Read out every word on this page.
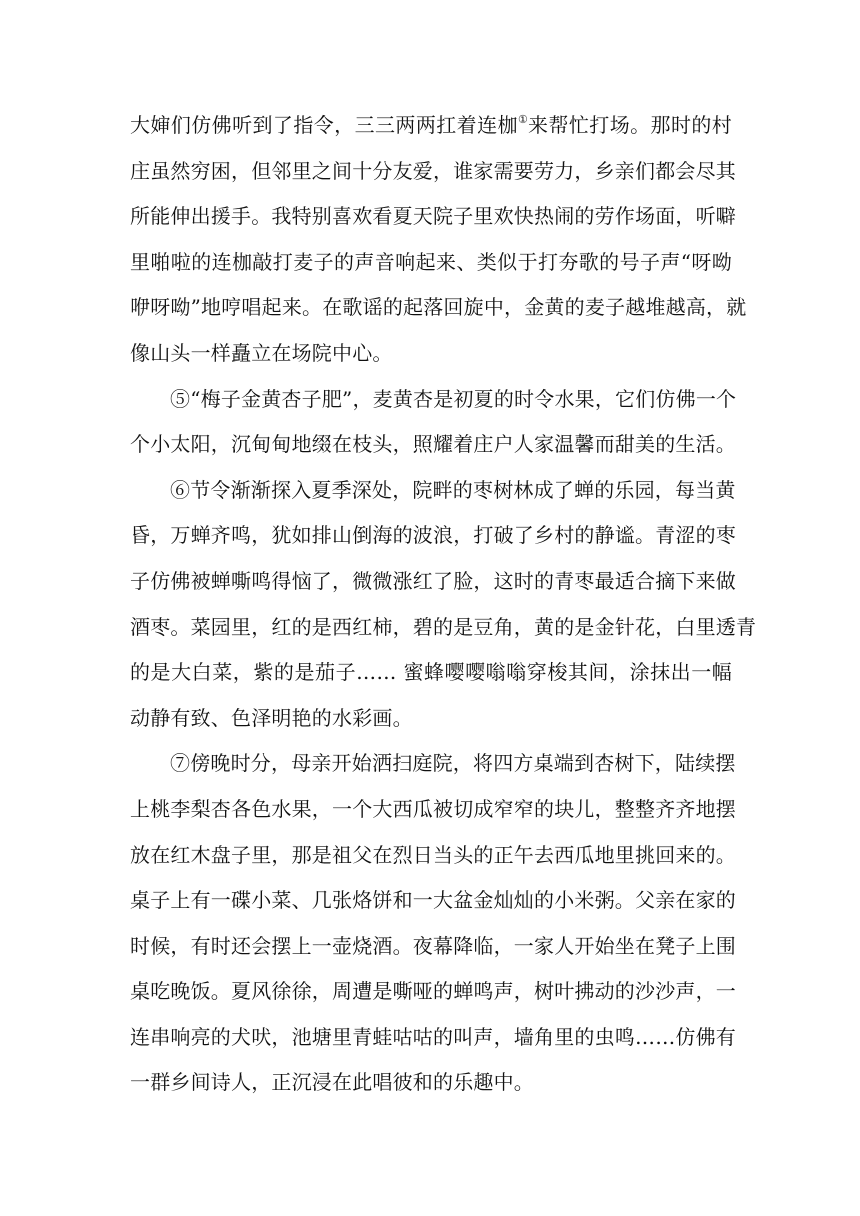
大婶们仿佛听到了指令，三三两两扛着连枷①来帮忙打场。那时的村
庄虽然穷困，但邻里之间十分友爱，谁家需要劳力，乡亲们都会尽其
所能伸出援手。我特别喜欢看夏天院子里欢快热闹的劳作场面，听噼
里啪啦的连枷敲打麦子的声音响起来、类似于打夯歌的号子声“呀呦
咿呀呦”地哼唱起来。在歌谣的起落回旋中，金黄的麦子越堆越高，就
像山头一样矗立在场院中心。
⑤“梅子金黄杏子肥”，麦黄杏是初夏的时令水果，它们仿佛一个
个小太阳，沉甸甸地缀在枝头，照耀着庄户人家温馨而甜美的生活。
⑥节令渐渐探入夏季深处，院畔的枣树林成了蝉的乐园，每当黄
昏，万蝉齐鸣，犹如排山倒海的波浪，打破了乡村的静谧。青涩的枣
子仿佛被蝉嘶鸣得恼了，微微涨红了脸，这时的青枣最适合摘下来做
酒枣。菜园里，红的是西红柿，碧的是豆角，黄的是金针花，白里透青
的是大白菜，紫的是茄子…… 蜜蜂嘤嘤嗡嗡穿梭其间，涂抹出一幅
动静有致、色泽明艳的水彩画。
⑦傍晚时分，母亲开始洒扫庭院，将四方桌端到杏树下，陆续摆
上桃李梨杏各色水果，一个大西瓜被切成窄窄的块儿，整整齐齐地摆
放在红木盘子里，那是祖父在烈日当头的正午去西瓜地里挑回来的。
桌子上有一碟小菜、几张烙饼和一大盆金灿灿的小米粥。父亲在家的
时候，有时还会摆上一壶烧酒。夜幕降临，一家人开始坐在凳子上围
桌吃晚饭。夏风徐徐，周遭是嘶哑的蝉鸣声，树叶拂动的沙沙声，一
连串响亮的犬吠，池塘里青蛙咕咕的叫声，墙角里的虫鸣……仿佛有
一群乡间诗人，正沉浸在此唱彼和的乐趣中。
